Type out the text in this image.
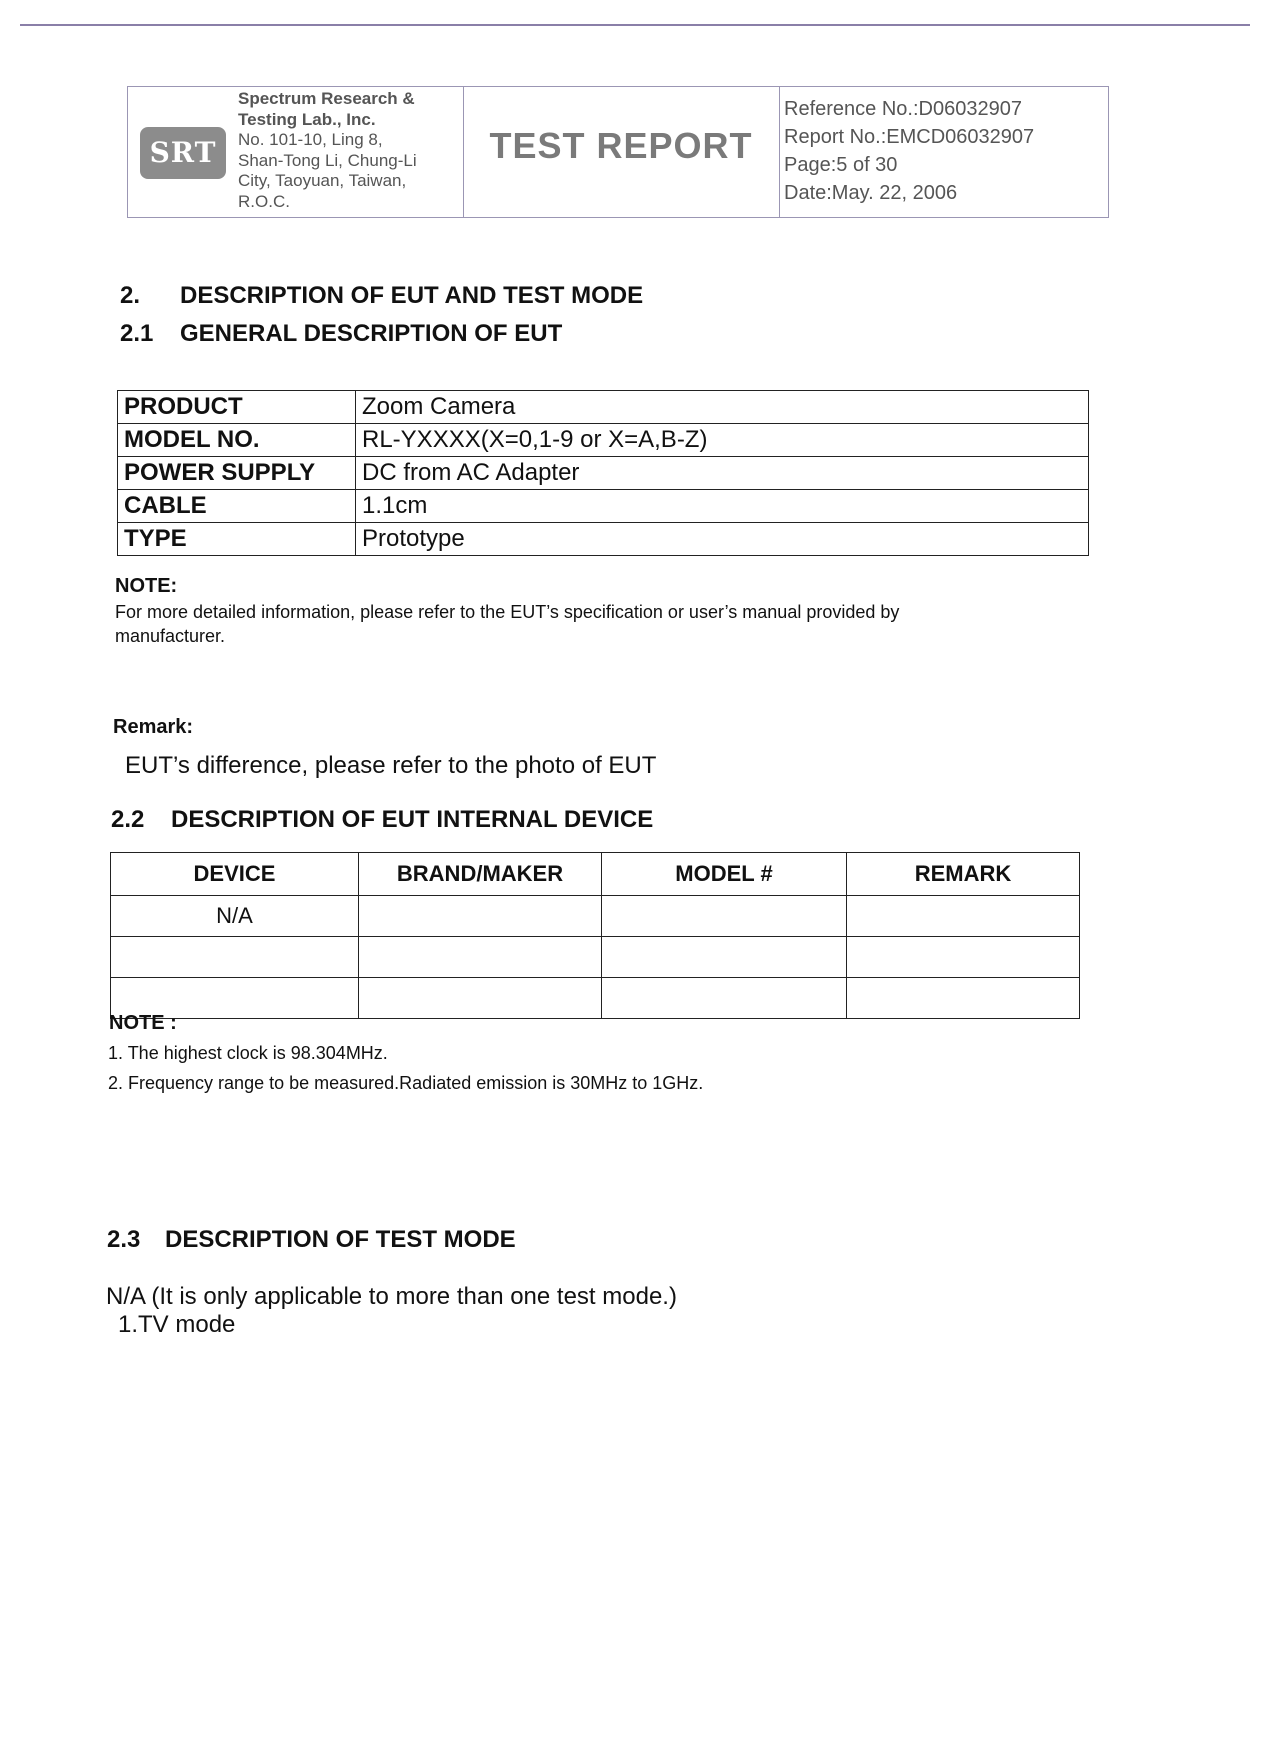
SRT
Spectrum Research &
Testing Lab., Inc.
No. 101-10, Ling 8,
Shan-Tong Li, Chung-Li
City, Taoyuan, Taiwan,
R.O.C.
TEST REPORT
Reference No.:D06032907
Report No.:EMCD06032907
Page:5 of 30
Date:May. 22, 2006
2. DESCRIPTION OF EUT AND TEST MODE
2.1 GENERAL DESCRIPTION OF EUT
PRODUCT	Zoom Camera
MODEL NO.	RL-YXXXX(X=0,1-9 or X=A,B-Z)
POWER SUPPLY	DC from AC Adapter
CABLE	1.1cm
TYPE	Prototype
NOTE:
For more detailed information, please refer to the EUT’s specification or user’s manual provided by
manufacturer.
Remark:
EUT’s difference, please refer to the photo of EUT
2.2 DESCRIPTION OF EUT INTERNAL DEVICE
DEVICE	BRAND/MAKER	MODEL #	REMARK
N/A			

NOTE :
1. The highest clock is 98.304MHz.
2. Frequency range to be measured.Radiated emission is 30MHz to 1GHz.
2.3 DESCRIPTION OF TEST MODE
N/A (It is only applicable to more than one test mode.)
1.TV mode
